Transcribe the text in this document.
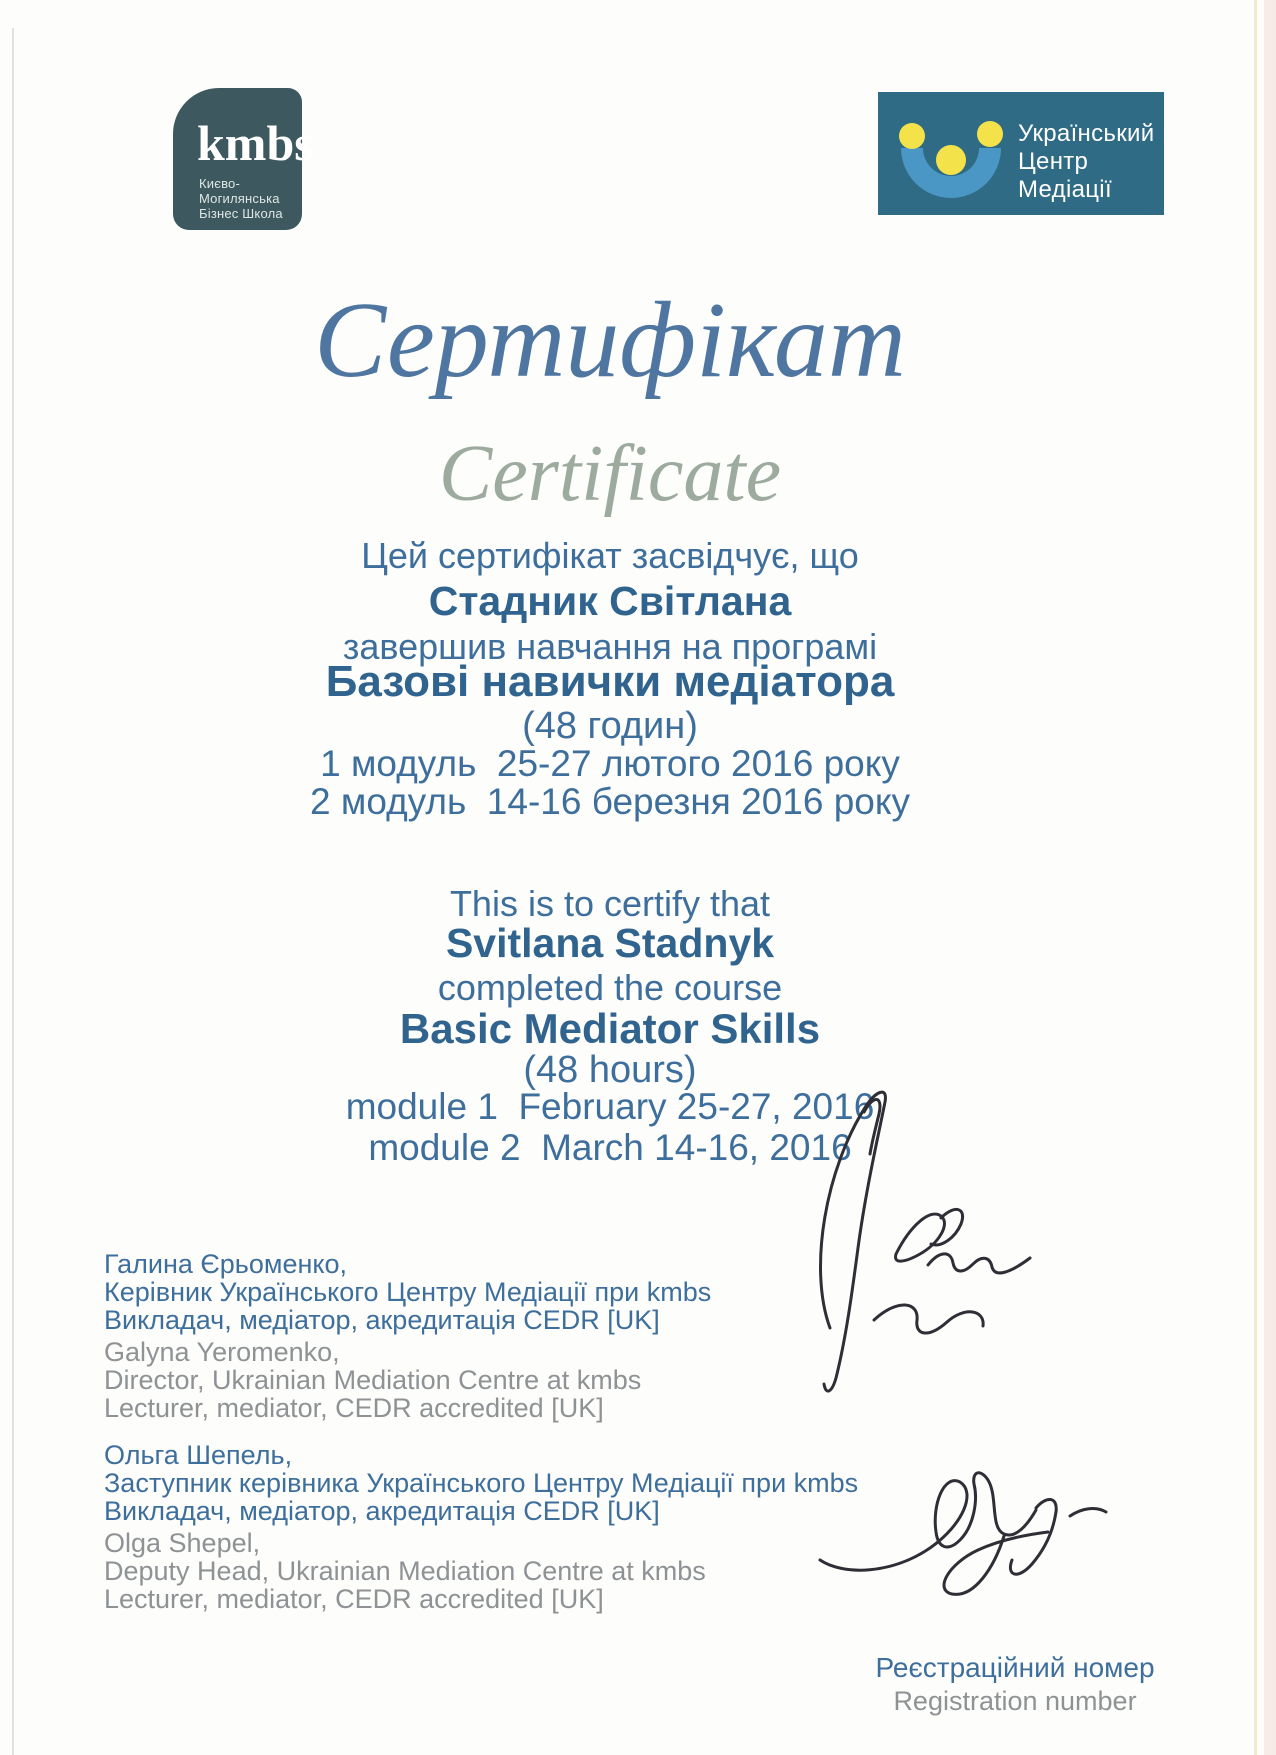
kmbs
Києво-Могилянська
Бізнес Школа
Український
Центр
Медіації
Сертифікат
Certificate
Цей сертифікат засвідчує, що
Стадник Світлана
завершив навчання на програмі
Базові навички медіатора
(48 годин)
1 модуль  25-27 лютого 2016 року
2 модуль  14-16 березня 2016 року
This is to certify that
Svitlana Stadnyk
completed the course
Basic Mediator Skills
(48 hours)
module 1  February 25-27, 2016
module 2  March 14-16, 2016

Галина Єрьоменко,

Керівник Українського Центру Медіації при kmbs

Викладач, медіатор, акредитація CEDR [UK]

Galyna Yeromenko,

Director, Ukrainian Mediation Centre at kmbs

Lecturer, mediator, CEDR accredited [UK]

Ольга Шепель,

Заступник керівника Українського Центру Медіації при kmbs

Викладач, медіатор, акредитація CEDR [UK]

Olga Shepel,

Deputy Head, Ukrainian Mediation Centre at kmbs

Lecturer, mediator, CEDR accredited [UK]

Реєстраційний номер

Registration number
